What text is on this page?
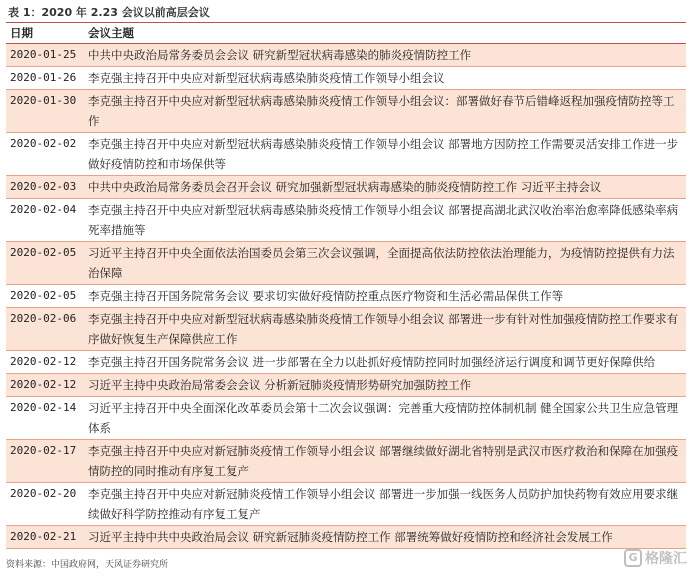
表 1：2020 年 2.23 会议以前高层会议
日期	会议主题
2020-01-25	中共中央政治局常务委员会会议 研究新型冠状病毒感染的肺炎疫情防控工作
2020-01-26	李克强主持召开中央应对新型冠状病毒感染肺炎疫情工作领导小组会议
2020-01-30	李克强主持召开中央应对新型冠状病毒感染肺炎疫情工作领导小组会议：部署做好春节后错峰返程加强疫情防控等工作
2020-02-02	李克强主持召开中央应对新型冠状病毒感染肺炎疫情工作领导小组会议 部署地方因防控工作需要灵活安排工作进一步做好疫情防控和市场保供等
2020-02-03	中共中央政治局常务委员会召开会议 研究加强新型冠状病毒感染的肺炎疫情防控工作 习近平主持会议
2020-02-04	李克强主持召开中央应对新型冠状病毒感染肺炎疫情工作领导小组会议 部署提高湖北武汉收治率治愈率降低感染率病死率措施等
2020-02-05	习近平主持召开中央全面依法治国委员会第三次会议强调，全面提高依法防控依法治理能力，为疫情防控提供有力法治保障
2020-02-05	李克强主持召开国务院常务会议 要求切实做好疫情防控重点医疗物资和生活必需品保供工作等
2020-02-06	李克强主持召开中央应对新型冠状病毒感染肺炎疫情工作领导小组会议 部署进一步有针对性加强疫情防控工作要求有序做好恢复生产保障供应工作
2020-02-12	李克强主持召开国务院常务会议 进一步部署在全力以赴抓好疫情防控同时加强经济运行调度和调节更好保障供给
2020-02-12	习近平主持中央政治局常委会会议 分析新冠肺炎疫情形势研究加强防控工作
2020-02-14	习近平主持召开中央全面深化改革委员会第十二次会议强调：完善重大疫情防控体制机制 健全国家公共卫生应急管理体系
2020-02-17	李克强主持召开中央应对新冠肺炎疫情工作领导小组会议 部署继续做好湖北省特别是武汉市医疗救治和保障在加强疫情防控的同时推动有序复工复产
2020-02-20	李克强主持召开中央应对新冠肺炎疫情工作领导小组会议 部署进一步加强一线医务人员防护加快药物有效应用要求继续做好科学防控推动有序复工复产
2020-02-21	习近平主持中共中央政治局会议 研究新冠肺炎疫情防控工作 部署统筹做好疫情防控和经济社会发展工作
资料来源：中国政府网，天风证券研究所
G 格隆汇
